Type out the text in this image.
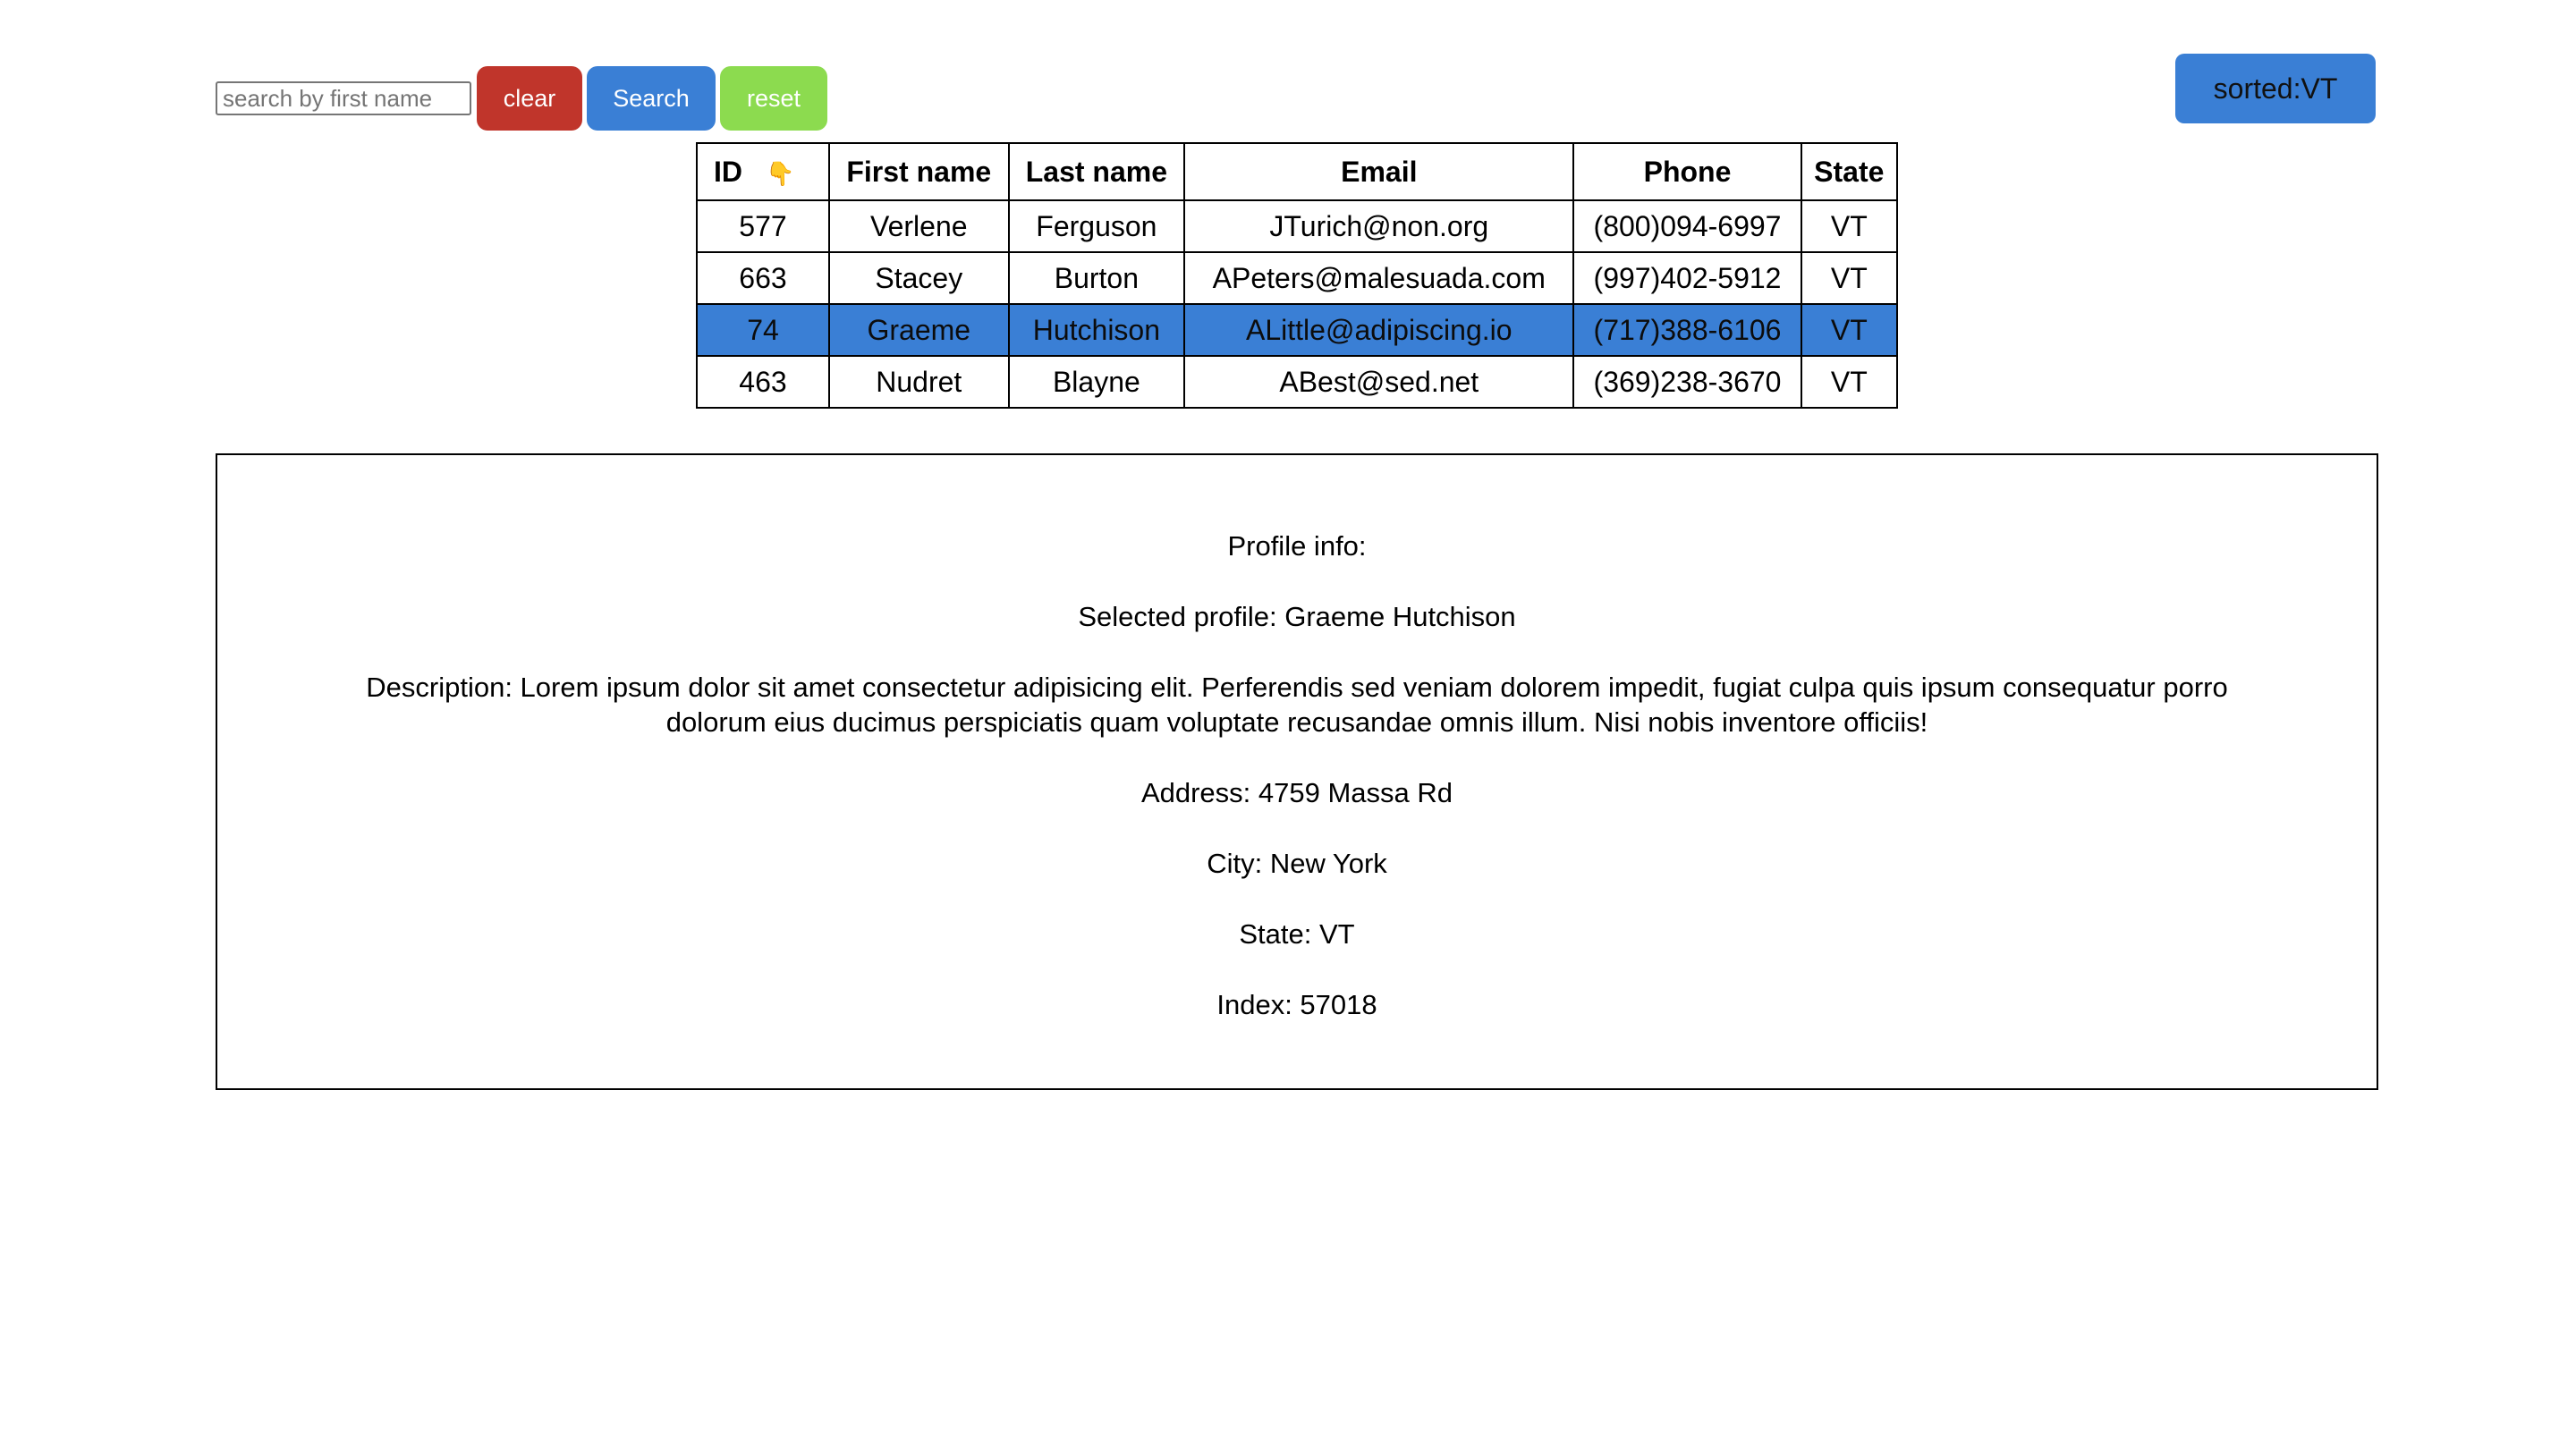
search by first name
clear	Search	reset	sorted:VT
ID 👇	First name	Last name	Email	Phone	State
577	Verlene	Ferguson	JTurich@non.org	(800)094-6997	VT
663	Stacey	Burton	APeters@malesuada.com	(997)402-5912	VT
74	Graeme	Hutchison	ALittle@adipiscing.io	(717)388-6106	VT
463	Nudret	Blayne	ABest@sed.net	(369)238-3670	VT

Profile info:

Selected profile: Graeme Hutchison

Description: Lorem ipsum dolor sit amet consectetur adipisicing elit. Perferendis sed veniam dolorem impedit, fugiat culpa quis ipsum consequatur porro dolorum eius ducimus perspiciatis quam voluptate recusandae omnis illum. Nisi nobis inventore officiis!

Address: 4759 Massa Rd

City: New York

State: VT

Index: 57018
